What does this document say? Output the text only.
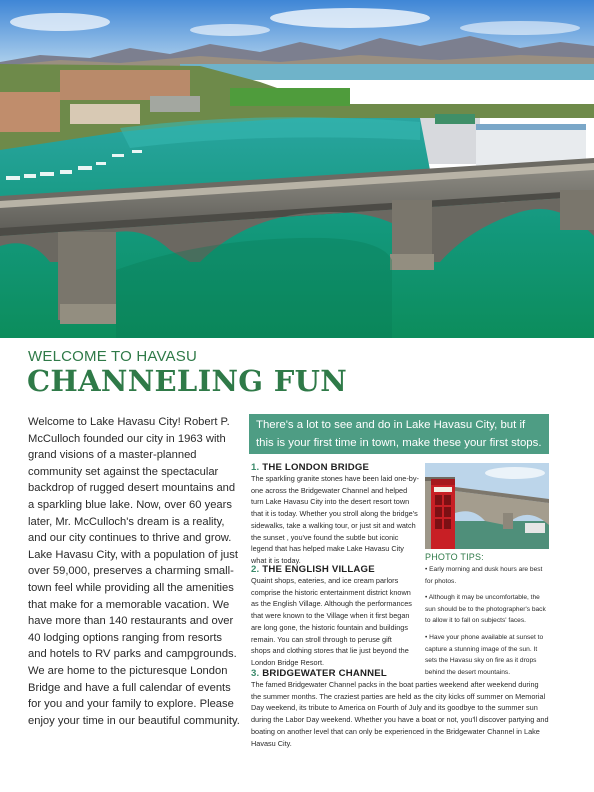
WELCOME TO HAVASU
CHANNELING FUN

Welcome to Lake Havasu City! Robert P. McCulloch founded our city in 1963 with grand visions of a master-planned community set against the spectacular backdrop of rugged desert mountains and a sparkling blue lake. Now, over 60 years later, Mr. McCulloch's dream is a reality, and our city continues to thrive and grow. Lake Havasu City, with a population of just over 59,000, preserves a charming small-town feel while providing all the amenities that make for a memorable vacation. We have more than 140 restaurants and over 40 lodging options ranging from resorts and hotels to RV parks and campgrounds. We are home to the picturesque London Bridge and have a full calendar of events for you and your family to explore. Please enjoy your time in our beautiful community.

There's a lot to see and do in Lake Havasu City, but if this is your first time in town, make these your first stops.
1. THE LONDON BRIDGE
The sparkling granite stones have been laid one-by-one across the Bridgewater Channel and helped turn Lake Havasu City into the desert resort town that it is today. Whether you stroll along the bridge's sidewalks, take a walking tour, or just sit and watch the sunset , you've found the subtle but iconic legend that has helped make Lake Havasu City what it is today.
2. THE ENGLISH VILLAGE
Quaint shops, eateries, and ice cream parlors comprise the historic entertainment district known as the English Village. Although the performances that were known to the Village when it first began are long gone, the historic fountain and buildings remain. You can stroll through to peruse gift shops and clothing stores that lie just beyond the London Bridge Resort.
3. BRIDGEWATER CHANNEL
The famed Bridgewater Channel packs in the boat parties weekend after weekend during the summer months. The craziest parties are held as the city kicks off summer on Memorial Day weekend, its tribute to America on Fourth of July and its goodbye to the summer sun during the Labor Day weekend. Whether you have a boat or not, you'll discover partying and boating on another level that can only be experienced in the Bridgewater Channel in Lake Havasu City.
PHOTO TIPS:
• Early morning and dusk hours are best for photos.
• Although it may be uncomfortable, the sun should be to the photographer's back to allow it to fall on subjects' faces.
• Have your phone available at sunset to capture a stunning image of the sun. It sets the Havasu sky on fire as it drops behind the desert mountains.
